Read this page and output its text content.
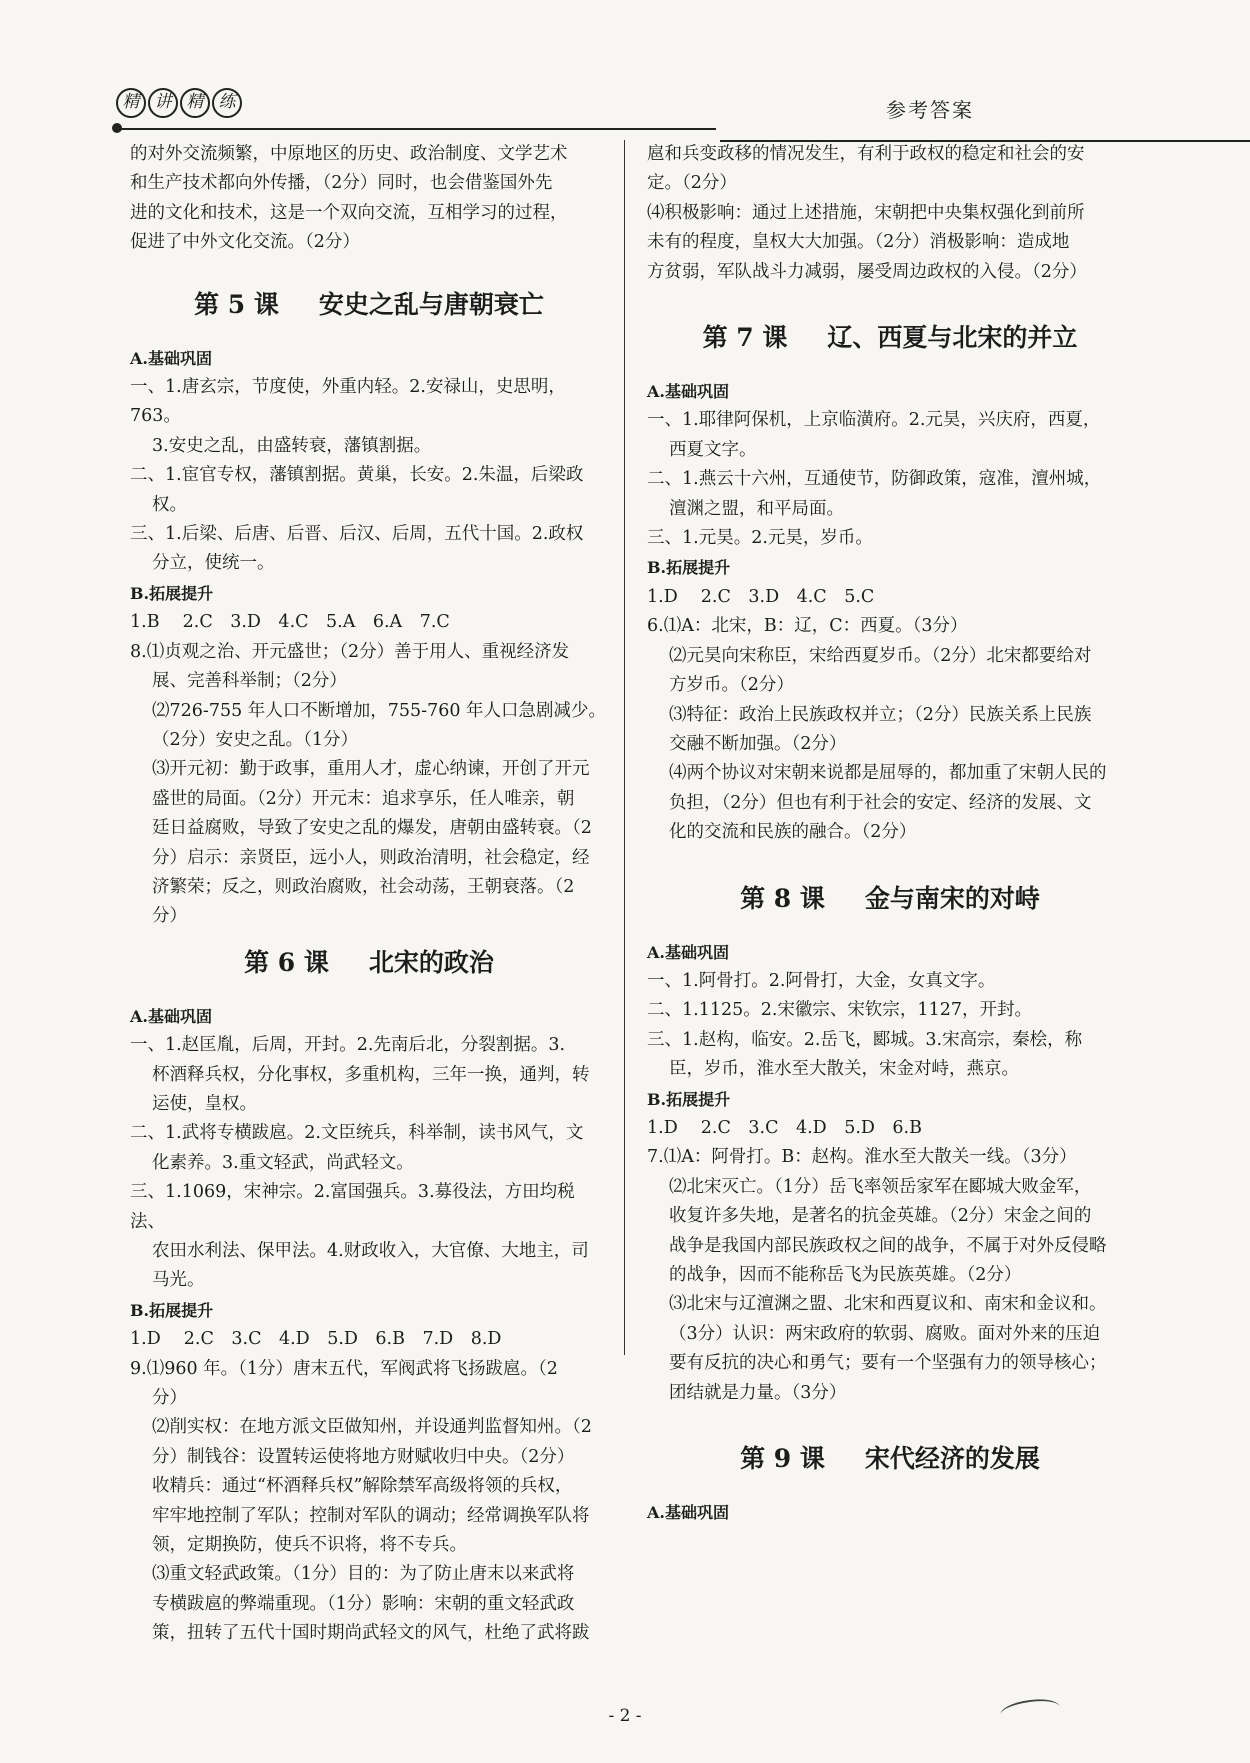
精 讲 精 练	参考答案

的对外交流频繁，中原地区的历史、政治制度、文学艺术

和生产技术都向外传播，（2分）同时，也会借鉴国外先

进的文化和技术，这是一个双向交流，互相学习的过程，

促进了中外文化交流。（2分）

第 5 课 安史之乱与唐朝衰亡

A.基础巩固

一、1.唐玄宗，节度使，外重内轻。2.安禄山，史思明，763。

3.安史之乱，由盛转衰，藩镇割据。

二、1.宦官专权，藩镇割据。黄巢，长安。2.朱温，后梁政

权。

三、1.后梁、后唐、后晋、后汉、后周，五代十国。2.政权

分立，使统一。

B.拓展提升

1.B　 2.C　3.D　4.C　5.A　6.A　7.C

8.⑴贞观之治、开元盛世；（2分）善于用人、重视经济发

展、完善科举制；（2分）

⑵726-755 年人口不断增加，755-760 年人口急剧减少。

（2分）安史之乱。（1分）

⑶开元初：勤于政事，重用人才，虚心纳谏，开创了开元

盛世的局面。（2分）开元末：追求享乐，任人唯亲，朝

廷日益腐败，导致了安史之乱的爆发，唐朝由盛转衰。（2

分）启示：亲贤臣，远小人，则政治清明，社会稳定，经

济繁荣；反之，则政治腐败，社会动荡，王朝衰落。（2

分）

第 6 课 北宋的政治

A.基础巩固

一、1.赵匡胤，后周，开封。2.先南后北，分裂割据。3.

杯酒释兵权，分化事权，多重机构，三年一换，通判，转

运使，皇权。

二、1.武将专横跋扈。2.文臣统兵，科举制，读书风气，文

化素养。3.重文轻武，尚武轻文。

三、1.1069，宋神宗。2.富国强兵。3.募役法，方田均税法、

农田水利法、保甲法。4.财政收入，大官僚、大地主，司

马光。

B.拓展提升

1.D　 2.C　3.C　4.D　5.D　6.B　7.D　8.D

9.⑴960 年。（1分）唐末五代，军阀武将飞扬跋扈。（2

分）

⑵削实权：在地方派文臣做知州，并设通判监督知州。（2

分）制钱谷：设置转运使将地方财赋收归中央。（2分）

收精兵：通过“杯酒释兵权”解除禁军高级将领的兵权，

牢牢地控制了军队；控制对军队的调动；经常调换军队将

领，定期换防，使兵不识将，将不专兵。

⑶重文轻武政策。（1分）目的：为了防止唐末以来武将

专横跋扈的弊端重现。（1分）影响：宋朝的重文轻武政

策，扭转了五代十国时期尚武轻文的风气，杜绝了武将跋

扈和兵变政移的情况发生，有利于政权的稳定和社会的安

定。（2分）

⑷积极影响：通过上述措施，宋朝把中央集权强化到前所

未有的程度，皇权大大加强。（2分）消极影响：造成地

方贫弱，军队战斗力减弱，屡受周边政权的入侵。（2分）

第 7 课 辽、西夏与北宋的并立

A.基础巩固

一、1.耶律阿保机，上京临潢府。2.元昊，兴庆府，西夏，

西夏文字。

二、1.燕云十六州，互通使节，防御政策，寇准，澶州城，

澶渊之盟，和平局面。

三、1.元昊。2.元昊，岁币。

B.拓展提升

1.D　 2.C　3.D　4.C　5.C

6.⑴A：北宋，B：辽，C：西夏。（3分）

⑵元昊向宋称臣，宋给西夏岁币。（2分）北宋都要给对

方岁币。（2分）

⑶特征：政治上民族政权并立；（2分）民族关系上民族

交融不断加强。（2分）

⑷两个协议对宋朝来说都是屈辱的，都加重了宋朝人民的

负担，（2分）但也有利于社会的安定、经济的发展、文

化的交流和民族的融合。（2分）

第 8 课 金与南宋的对峙

A.基础巩固

一、1.阿骨打。2.阿骨打，大金，女真文字。

二、1.1125。2.宋徽宗、宋钦宗，1127，开封。

三、1.赵构，临安。2.岳飞，郾城。3.宋高宗，秦桧，称

臣，岁币，淮水至大散关，宋金对峙，燕京。

B.拓展提升

1.D　 2.C　3.C　4.D　5.D　6.B

7.⑴A：阿骨打。B：赵构。淮水至大散关一线。（3分）

⑵北宋灭亡。（1分）岳飞率领岳家军在郾城大败金军，

收复许多失地，是著名的抗金英雄。（2分）宋金之间的

战争是我国内部民族政权之间的战争，不属于对外反侵略

的战争，因而不能称岳飞为民族英雄。（2分）

⑶北宋与辽澶渊之盟、北宋和西夏议和、南宋和金议和。

（3分）认识：两宋政府的软弱、腐败。面对外来的压迫

要有反抗的决心和勇气；要有一个坚强有力的领导核心；

团结就是力量。（3分）

第 9 课 宋代经济的发展

A.基础巩固

- 2 -
